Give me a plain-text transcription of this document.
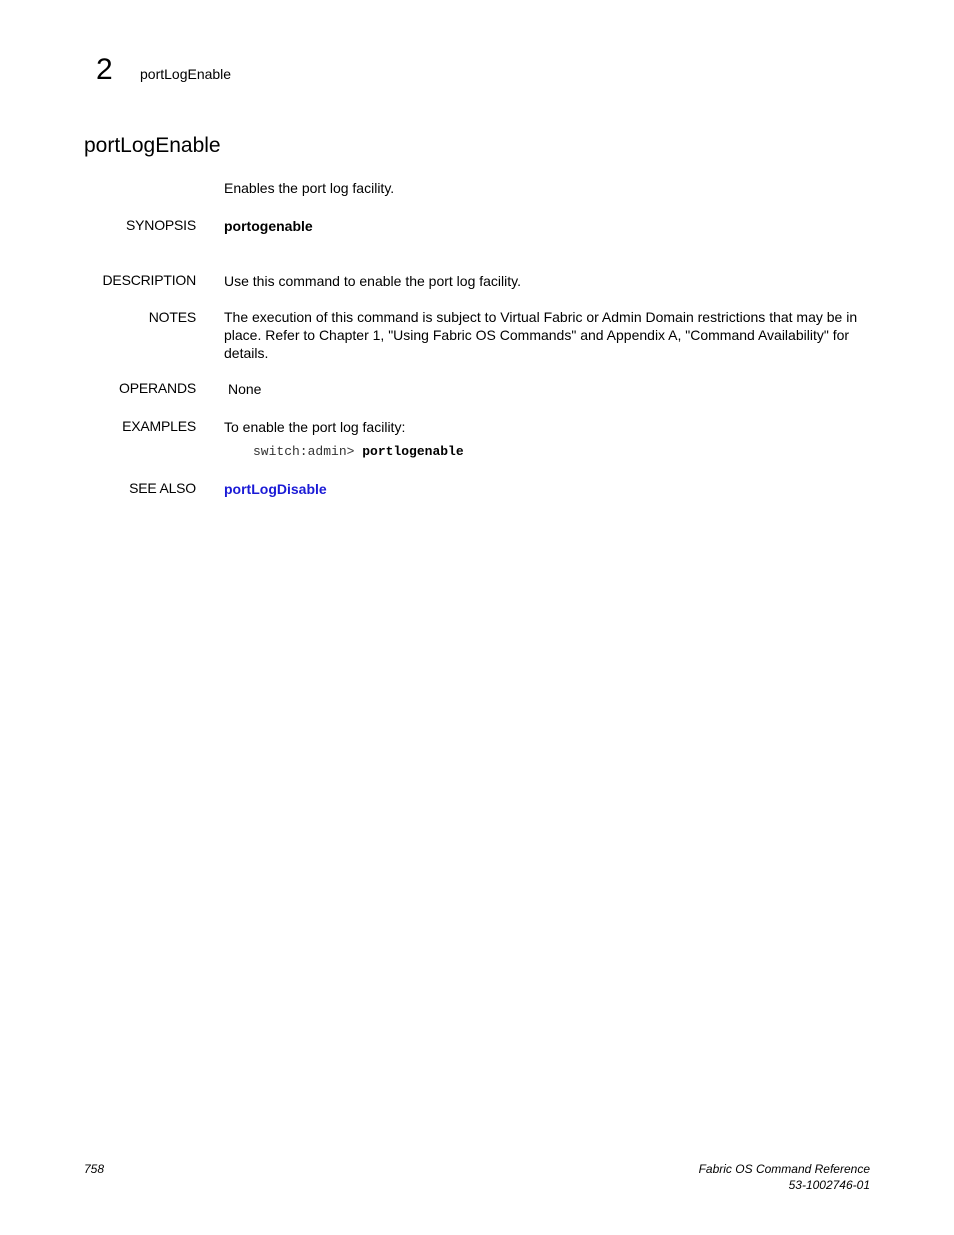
2 portLogEnable
portLogEnable
Enables the port log facility.
SYNOPSIS portogenable
DESCRIPTION Use this command to enable the port log facility.
NOTES The execution of this command is subject to Virtual Fabric or Admin Domain restrictions that may be in place. Refer to Chapter 1, "Using Fabric OS Commands" and Appendix A, "Command Availability" for details.
OPERANDS None
EXAMPLES To enable the port log facility:
switch:admin> portlogenable
SEE ALSO portLogDisable
758	Fabric OS Command Reference
53-1002746-01
